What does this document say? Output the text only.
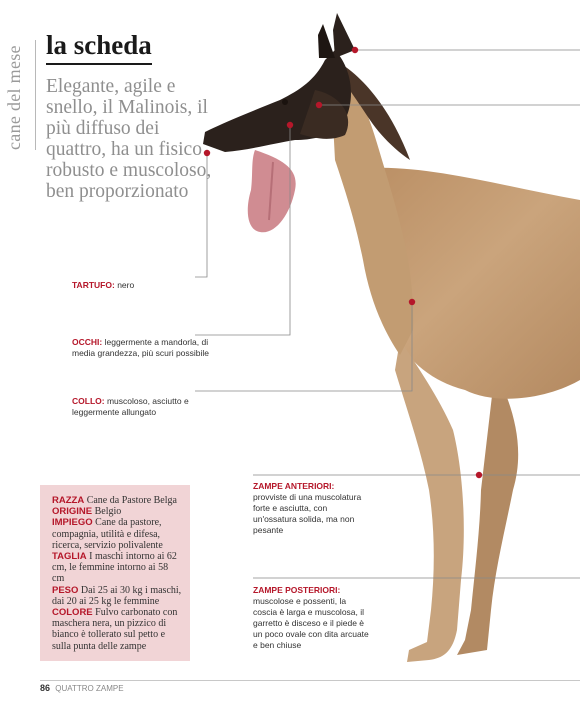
cane del mese
la scheda
Elegante, agile e snello, il Malinois, il più diffuso dei quattro, ha un fisico robusto e muscoloso, ben proporzionato
TARTUFO: nero
OCCHI: leggermente a mandorla, di media grandezza, più scuri possibile
COLLO: muscoloso, asciutto e leggermente allungato
ZAMPE ANTERIORI:
provviste di una muscolatura forte e asciutta, con un'ossatura solida, ma non pesante
ZAMPE POSTERIORI:
muscolose e possenti, la coscia è larga e muscolosa, il garretto è disceso e il piede è un poco ovale con dita arcuate e ben chiuse
RAZZA Cane da Pastore Belga
ORIGINE Belgio
IMPIEGO Cane da pastore, compagnia, utilità e difesa, ricerca, servizio polivalente
TAGLIA I maschi intorno ai 62 cm, le femmine intorno ai 58 cm
PESO Dai 25 ai 30 kg i maschi, dai 20 ai 25 kg le femmine
COLORE Fulvo carbonato con maschera nera, un pizzico di bianco è tollerato sul petto e sulla punta delle zampe
86 QUATTRO ZAMPE
